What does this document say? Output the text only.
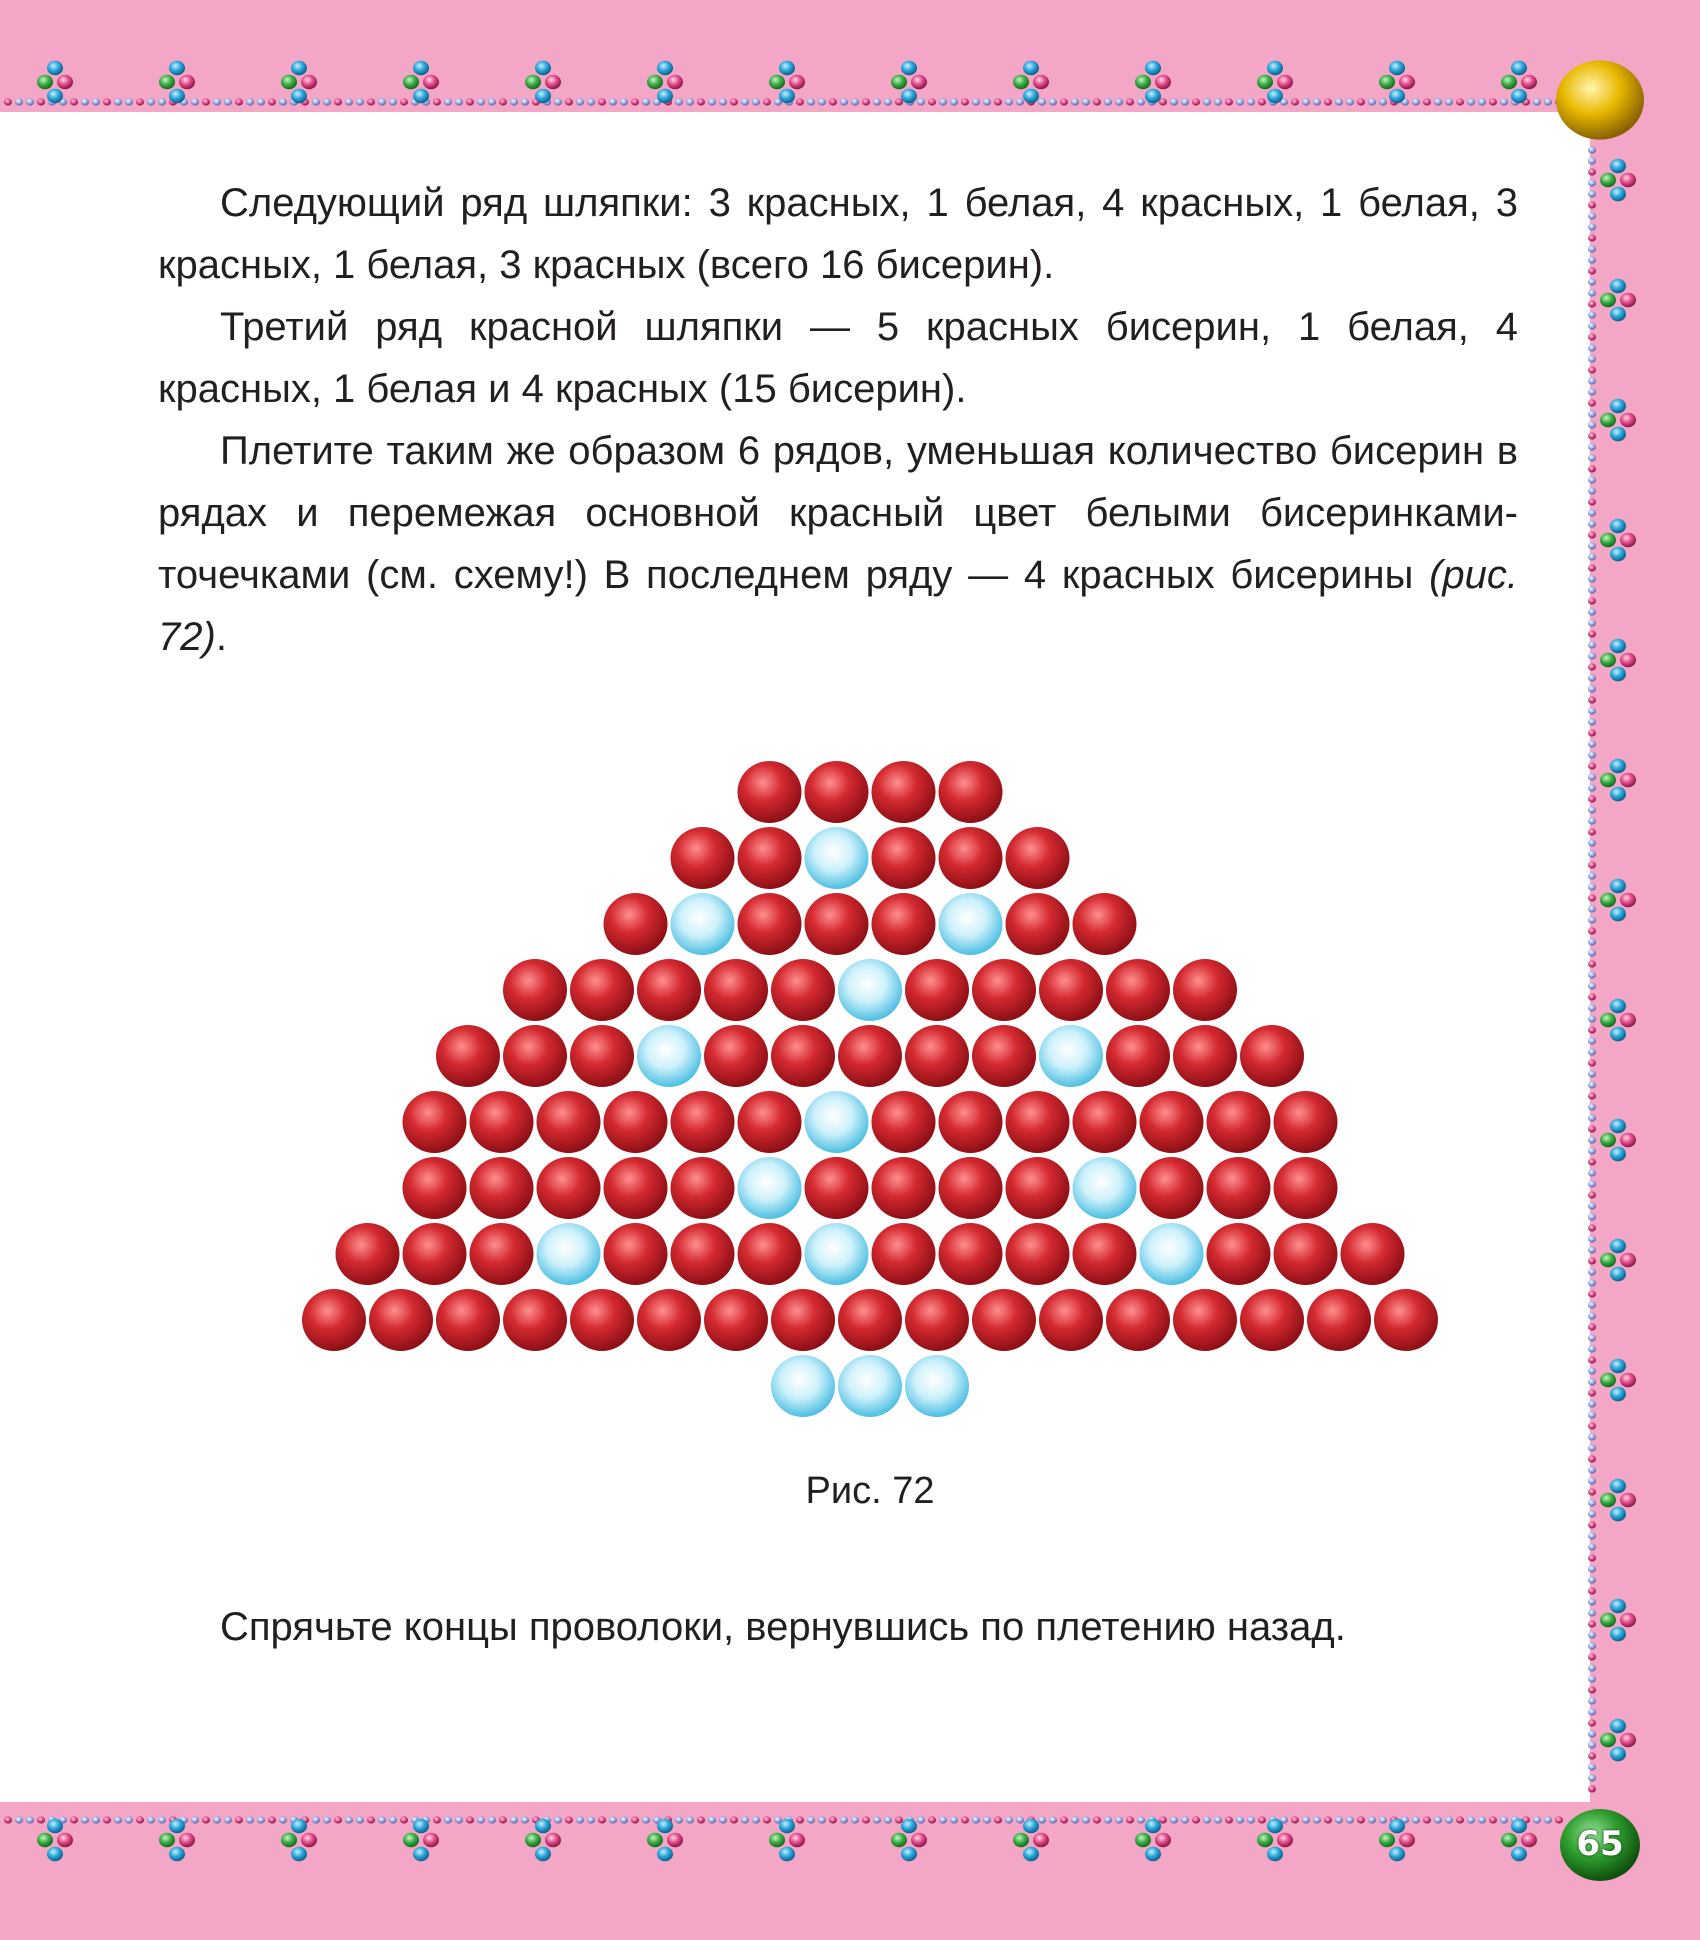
Следующий ряд шляпки: 3 красных, 1 белая, 4 красных, 1 белая, 3 красных, 1 белая, 3 красных (всего 16 бисерин).

Третий ряд красной шляпки — 5 красных бисерин, 1 белая, 4 красных, 1 белая и 4 красных (15 бисерин).

Плетите таким же образом 6 рядов, уменьшая количество бисерин в рядах и перемежая основной красный цвет белыми бисеринками-точечками (см. схему!) В последнем ряду — 4 красных бисерины (рис. 72).

Рис. 72

Спрячьте концы проволоки, вернувшись по плетению назад.

65
